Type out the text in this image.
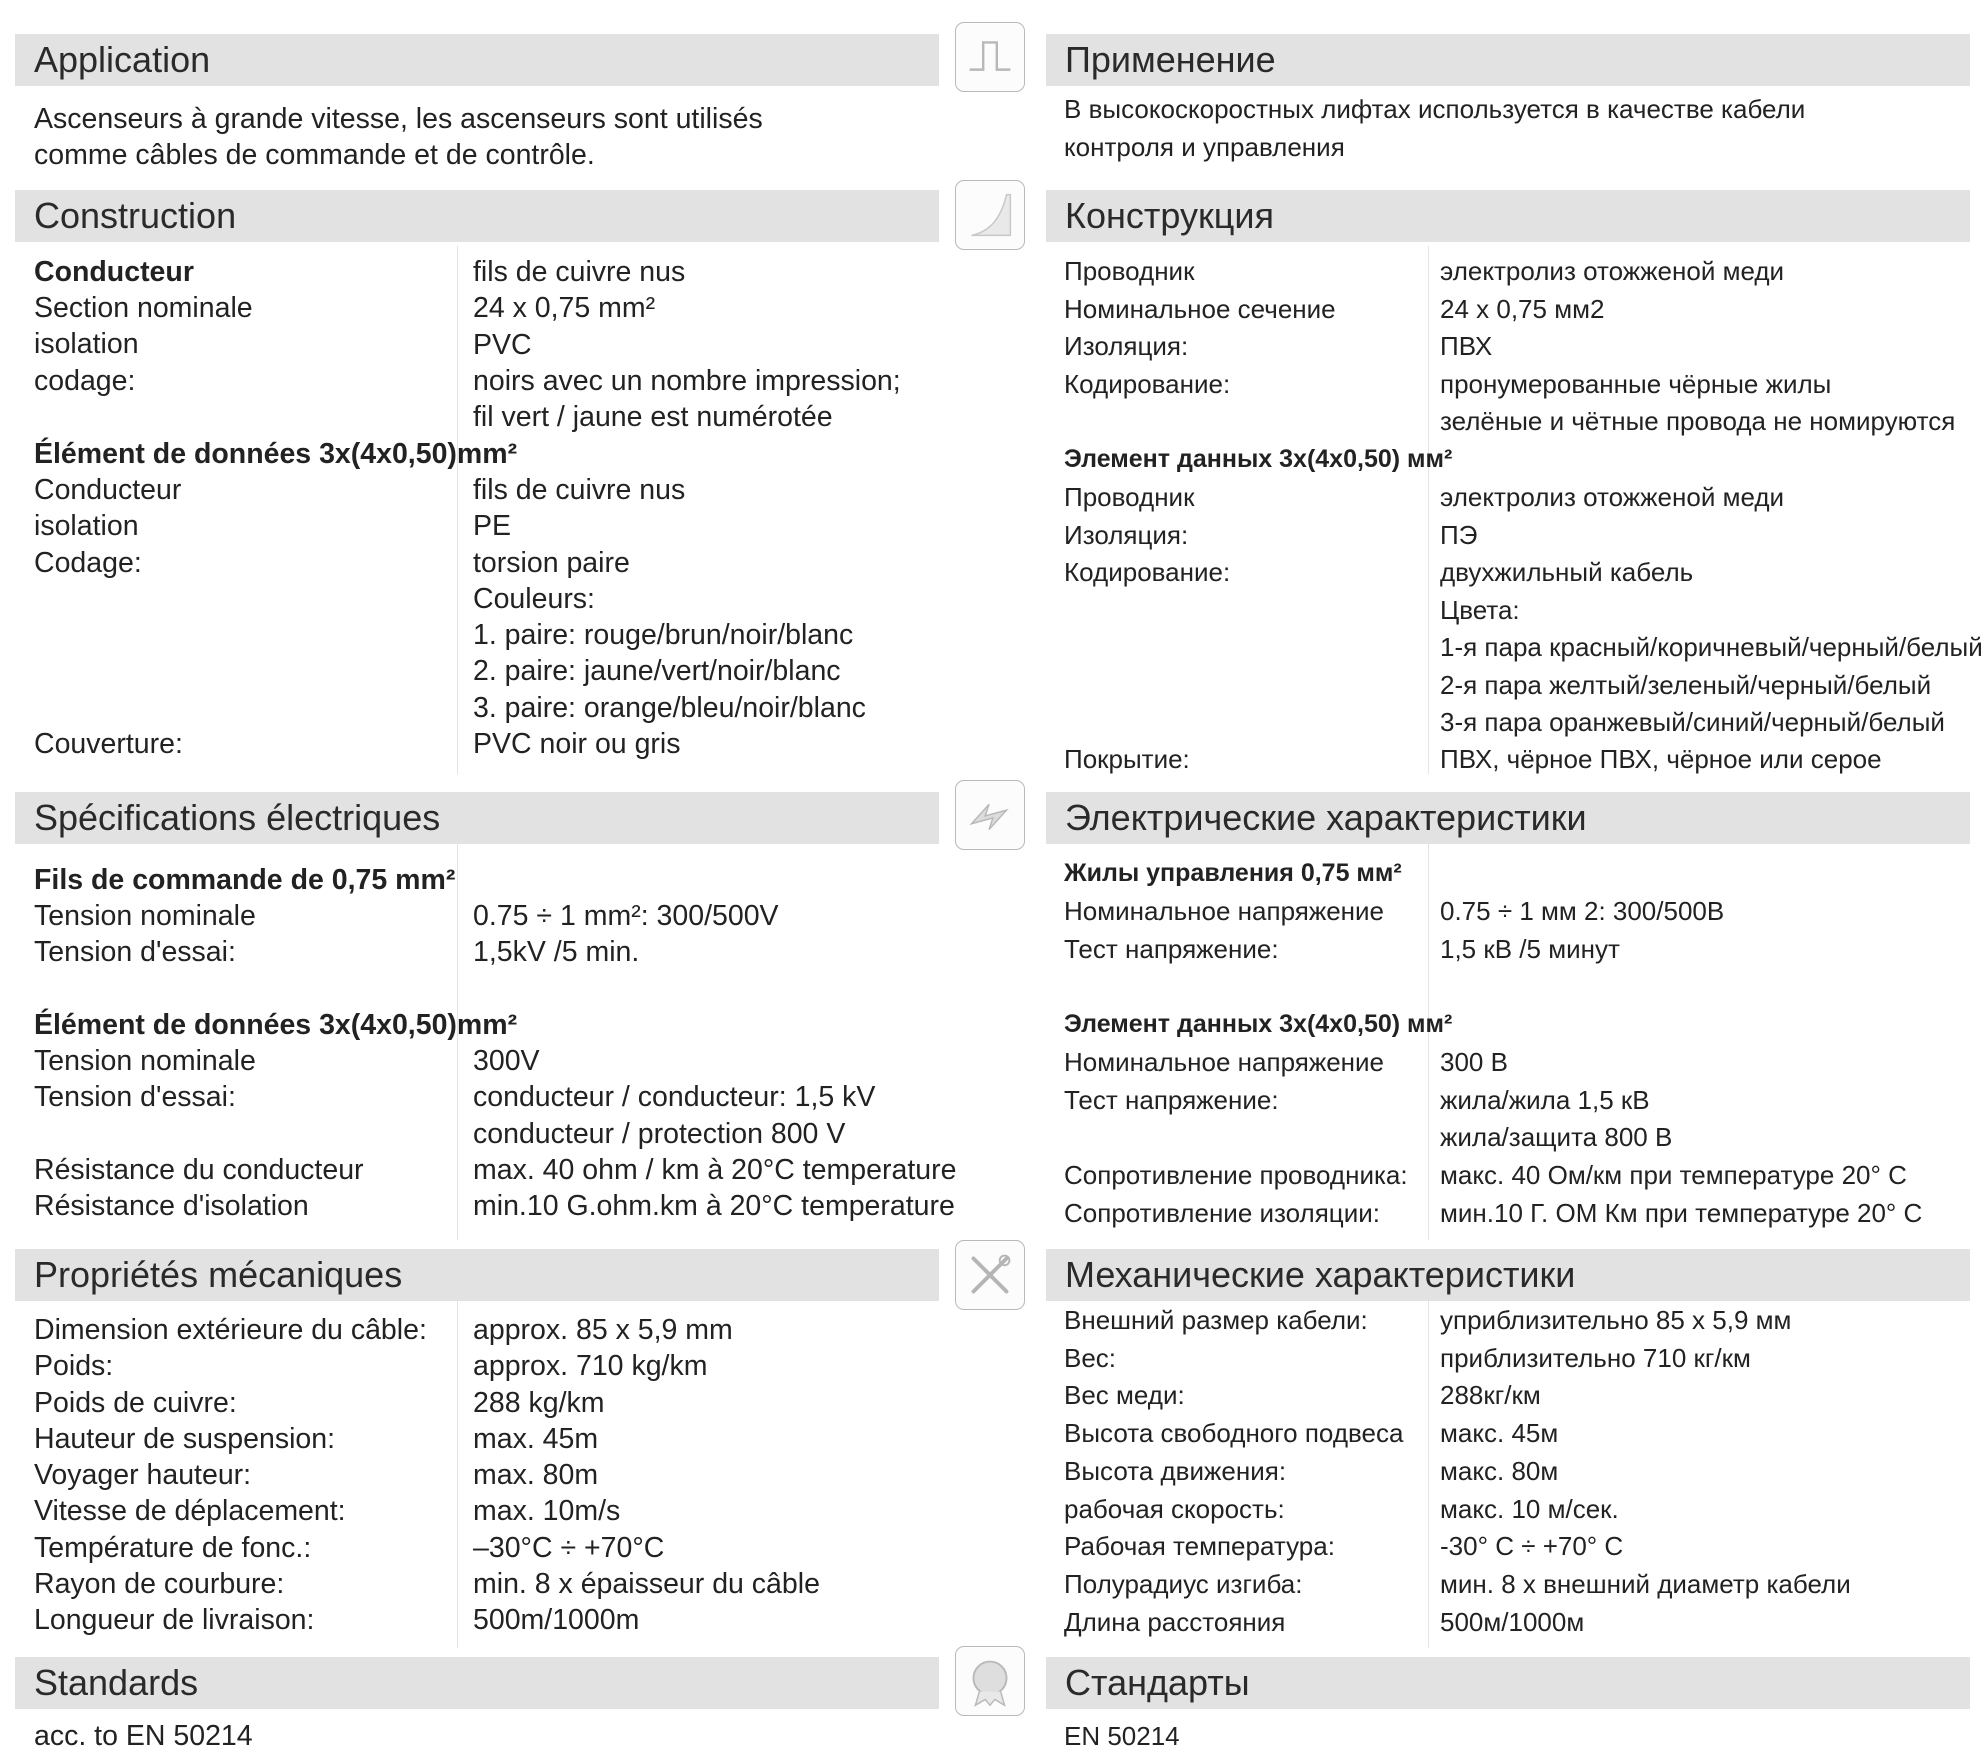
Application
Ascenseurs à grande vitesse, les ascenseurs sont utilisés
comme câbles de commande et de contrôle.
Construction
Conducteur
Section nominale
isolation
codage:
fils de cuivre nus
24 x 0,75 mm²
PVC
noirs avec un nombre impression;
fil vert / jaune est numérotée
Élément de données 3x(4x0,50)mm²
Conducteur
isolation
Codage:
fils de cuivre nus
PE
torsion paire
Couleurs:
1. paire: rouge/brun/noir/blanc
2. paire: jaune/vert/noir/blanc
3. paire: orange/bleu/noir/blanc
Couverture:	PVC noir ou gris
Spécifications électriques
Fils de commande de 0,75 mm²
Tension nominale
Tension d'essai:
0.75 ÷ 1 mm²: 300/500V
1,5kV /5 min.
Élément de données 3x(4x0,50)mm²
Tension nominale
Tension d'essai:
300V
conducteur / conducteur: 1,5 kV
conducteur / protection 800 V
Résistance du conducteur
Résistance d'isolation
max. 40 ohm / km à 20°C temperature
min.10 G.ohm.km à 20°C temperature
Propriétés mécaniques
Dimension extérieure du câble:
Poids:
Poids de cuivre:
Hauteur de suspension:
Voyager hauteur:
Vitesse de déplacement:
Température de fonc.:
Rayon de courbure:
Longueur de livraison:
approx. 85 x 5,9 mm
approx. 710 kg/km
288 kg/km
max. 45m
max. 80m
max. 10m/s
–30°C ÷ +70°C
min. 8 x épaisseur du câble
500m/1000m
Standards
acc. to EN 50214
Применение
В высокоскоростных лифтах используется в качестве кабели
контроля и управления
Конструкция
Проводник
Номинальное сечение
Изоляция:
Кодирование:
электролиз отожженой меди
24 x 0,75 мм2
ПВХ
пронумерованные чёрные жилы
зелёные и чётные провода не номируются
Элемент данных 3x(4x0,50) мм²
Проводник
Изоляция:
Кодирование:
электролиз отожженой меди
ПЭ
двухжильный кабель
Цвета:
1-я пара красный/коричневый/черный/белый
2-я пара желтый/зеленый/черный/белый
3-я пара оранжевый/синий/черный/белый
Покрытие:	ПВХ, чёрное ПВХ, чёрное или серое
Электрические характеристики
Жилы управления 0,75 мм²
Номинальное напряжение
Тест напряжение:
0.75 ÷ 1 мм 2: 300/500В
1,5 кВ /5 минут
Элемент данных 3x(4x0,50) мм²
Номинальное напряжение
Тест напряжение:
300 В
жила/жила 1,5 кВ
жила/защита 800 В
Сопротивление проводника:
Сопротивление изоляции:
макс. 40 Ом/км при температуре 20° С
мин.10 Г. ОМ Км при температуре 20° С
Механические характеристики
Внешний размер кабели:
Вес:
Вес меди:
Высота свободного подвеса
Высота движения:
рабочая скорость:
Рабочая температура:
Полурадиус изгиба:
Длина расстояния
уприблизительно 85 x 5,9 мм
приблизительно 710 кг/км
288кг/км
макс. 45м
макс. 80м
макс. 10 м/сек.
-30° С ÷ +70° С
мин. 8 x внешний диаметр кабели
500м/1000м
Стандарты
EN 50214
